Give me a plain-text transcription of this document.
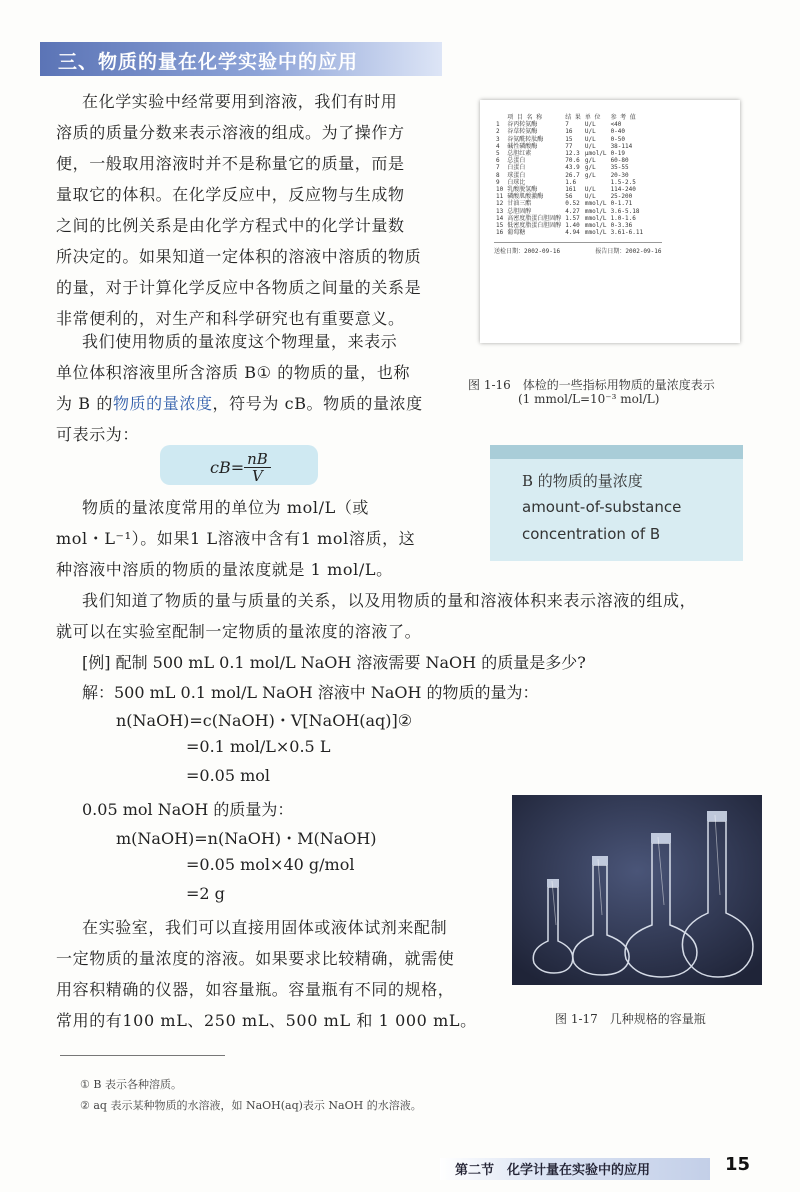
三、物质的量在化学实验中的应用
在化学实验中经常要用到溶液，我们有时用
溶质的质量分数来表示溶液的组成。为了操作方
便，一般取用溶液时并不是称量它的质量，而是
量取它的体积。在化学反应中，反应物与生成物
之间的比例关系是由化学方程式中的化学计量数
所决定的。如果知道一定体积的溶液中溶质的物质
的量，对于计算化学反应中各物质之间量的关系是
非常便利的，对生产和科学研究也有重要意义。
我们使用物质的量浓度这个物理量，来表示
单位体积溶液里所含溶质 B① 的物质的量，也称
为 B 的物质的量浓度，符号为 cB。物质的量浓度
可表示为：
$cB= \frac{nB}{V}$
物质的量浓度常用的单位为 mol/L（或
mol・L⁻¹）。如果1 L溶液中含有1 mol溶质，这
种溶液中溶质的物质的量浓度就是 1 mol/L。
我们知道了物质的量与质量的关系，以及用物质的量和溶液体积来表示溶液的组成，
就可以在实验室配制一定物质的量浓度的溶液了。
[例] 配制 500 mL 0.1 mol/L NaOH 溶液需要 NaOH 的质量是多少?
解：500 mL 0.1 mol/L NaOH 溶液中 NaOH 的物质的量为：
n(NaOH)=c(NaOH)・V[NaOH(aq)]②
=0.1 mol/L×0.5 L
=0.05 mol
0.05 mol NaOH 的质量为：
m(NaOH)=n(NaOH)・M(NaOH)
=0.05 mol×40 g/mol
=2 g
在实验室，我们可以直接用固体或液体试剂来配制
一定物质的量浓度的溶液。如果要求比较精确，就需使
用容积精确的仪器，如容量瓶。容量瓶有不同的规格，
常用的有100 mL、250 mL、500 mL 和 1 000 mL。
	项 目 名 称	结 果	单 位	参 考 值
1	谷丙转氨酶	7	U/L	<40
2	谷草转氨酶	16	U/L	0-40
3	谷氨酰转肽酶	15	U/L	0-50
4	碱性磷酸酶	77	U/L	38-114
5	总胆红素	12.3	μmol/L	0-19
6	总蛋白	70.6	g/L	60-80
7	白蛋白	43.9	g/L	35-55
8	球蛋白	26.7	g/L	20-30
9	白球比	1.6		1.5-2.5
10	乳酸脱氢酶	161	U/L	114-240
11	磷酸肌酸激酶	56	U/L	25-200
12	甘油三酯	0.52	mmol/L	0-1.71
13	总胆固醇	4.27	mmol/L	3.6-5.18
14	高密度脂蛋白胆固醇	1.57	mmol/L	1.0-1.6
15	低密度脂蛋白胆固醇	1.40	mmol/L	0-3.36
16	葡萄糖	4.94	mmol/L	3.61-6.11
送检日期：2002-09-16	报告日期：2002-09-16
图 1-16　体检的一些指标用物质的量浓度表示
(1 mmol/L=10⁻³ mol/L)
B 的物质的量浓度
amount-of-substance
concentration of B
图 1-17　几种规格的容量瓶
① B 表示各种溶质。
② aq 表示某种物质的水溶液，如 NaOH(aq)表示 NaOH 的水溶液。
第二节　化学计量在实验中的应用	15
